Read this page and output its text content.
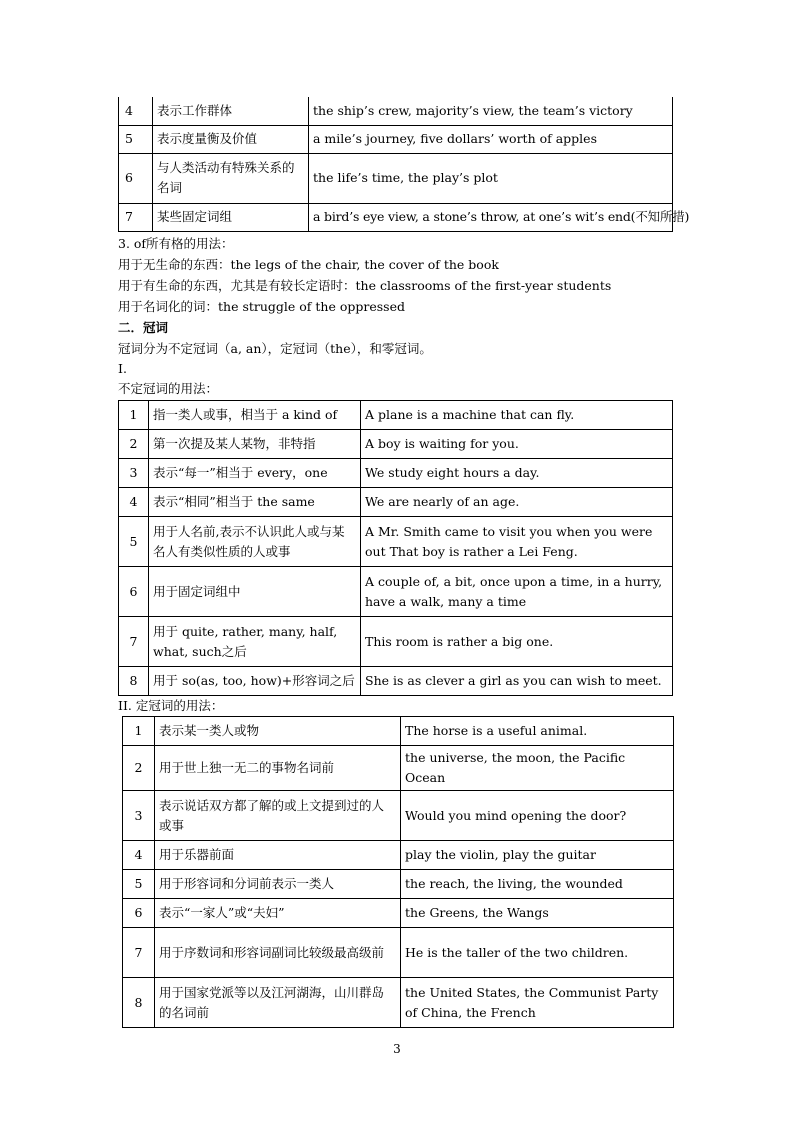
4	表示工作群体	the ship’s crew, majority’s view, the team’s victory
5	表示度量衡及价值	a mile’s journey, five dollars’ worth of apples
6	与人类活动有特殊关系的名词	the life’s time, the play’s plot
7	某些固定词组	a bird’s eye view, a stone’s throw, at one’s wit’s end(不知所措)
3. of所有格的用法：
用于无生命的东西：the legs of the chair, the cover of the book
用于有生命的东西，尤其是有较长定语时：the classrooms of the first-year students
用于名词化的词：the struggle of the oppressed
二．冠词
冠词分为不定冠词（a, an），定冠词（the），和零冠词。
I.
不定冠词的用法：
1	指一类人或事，相当于 a kind of	A plane is a machine that can fly.
2	第一次提及某人某物，非特指	A boy is waiting for you.
3	表示“每一”相当于 every，one	We study eight hours a day.
4	表示“相同”相当于 the same	We are nearly of an age.
5	用于人名前,表示不认识此人或与某名人有类似性质的人或事	A Mr. Smith came to visit you when you were out That boy is rather a Lei Feng.
6	用于固定词组中	A couple of, a bit, once upon a time, in a hurry, have a walk, many a time
7	用于 quite, rather, many, half, what, such之后	This room is rather a big one.
8	用于 so(as, too, how)+形容词之后	She is as clever a girl as you can wish to meet.
II. 定冠词的用法：
1	表示某一类人或物	The horse is a useful animal.
2	用于世上独一无二的事物名词前	the universe, the moon, the Pacific Ocean
3	表示说话双方都了解的或上文提到过的人或事	Would you mind opening the door?
4	用于乐器前面	play the violin, play the guitar
5	用于形容词和分词前表示一类人	the reach, the living, the wounded
6	表示“一家人”或“夫妇”	the Greens, the Wangs
7	用于序数词和形容词副词比较级最高级前	He is the taller of the two children.
8	用于国家党派等以及江河湖海，山川群岛的名词前	the United States, the Communist Party of China, the French
3
